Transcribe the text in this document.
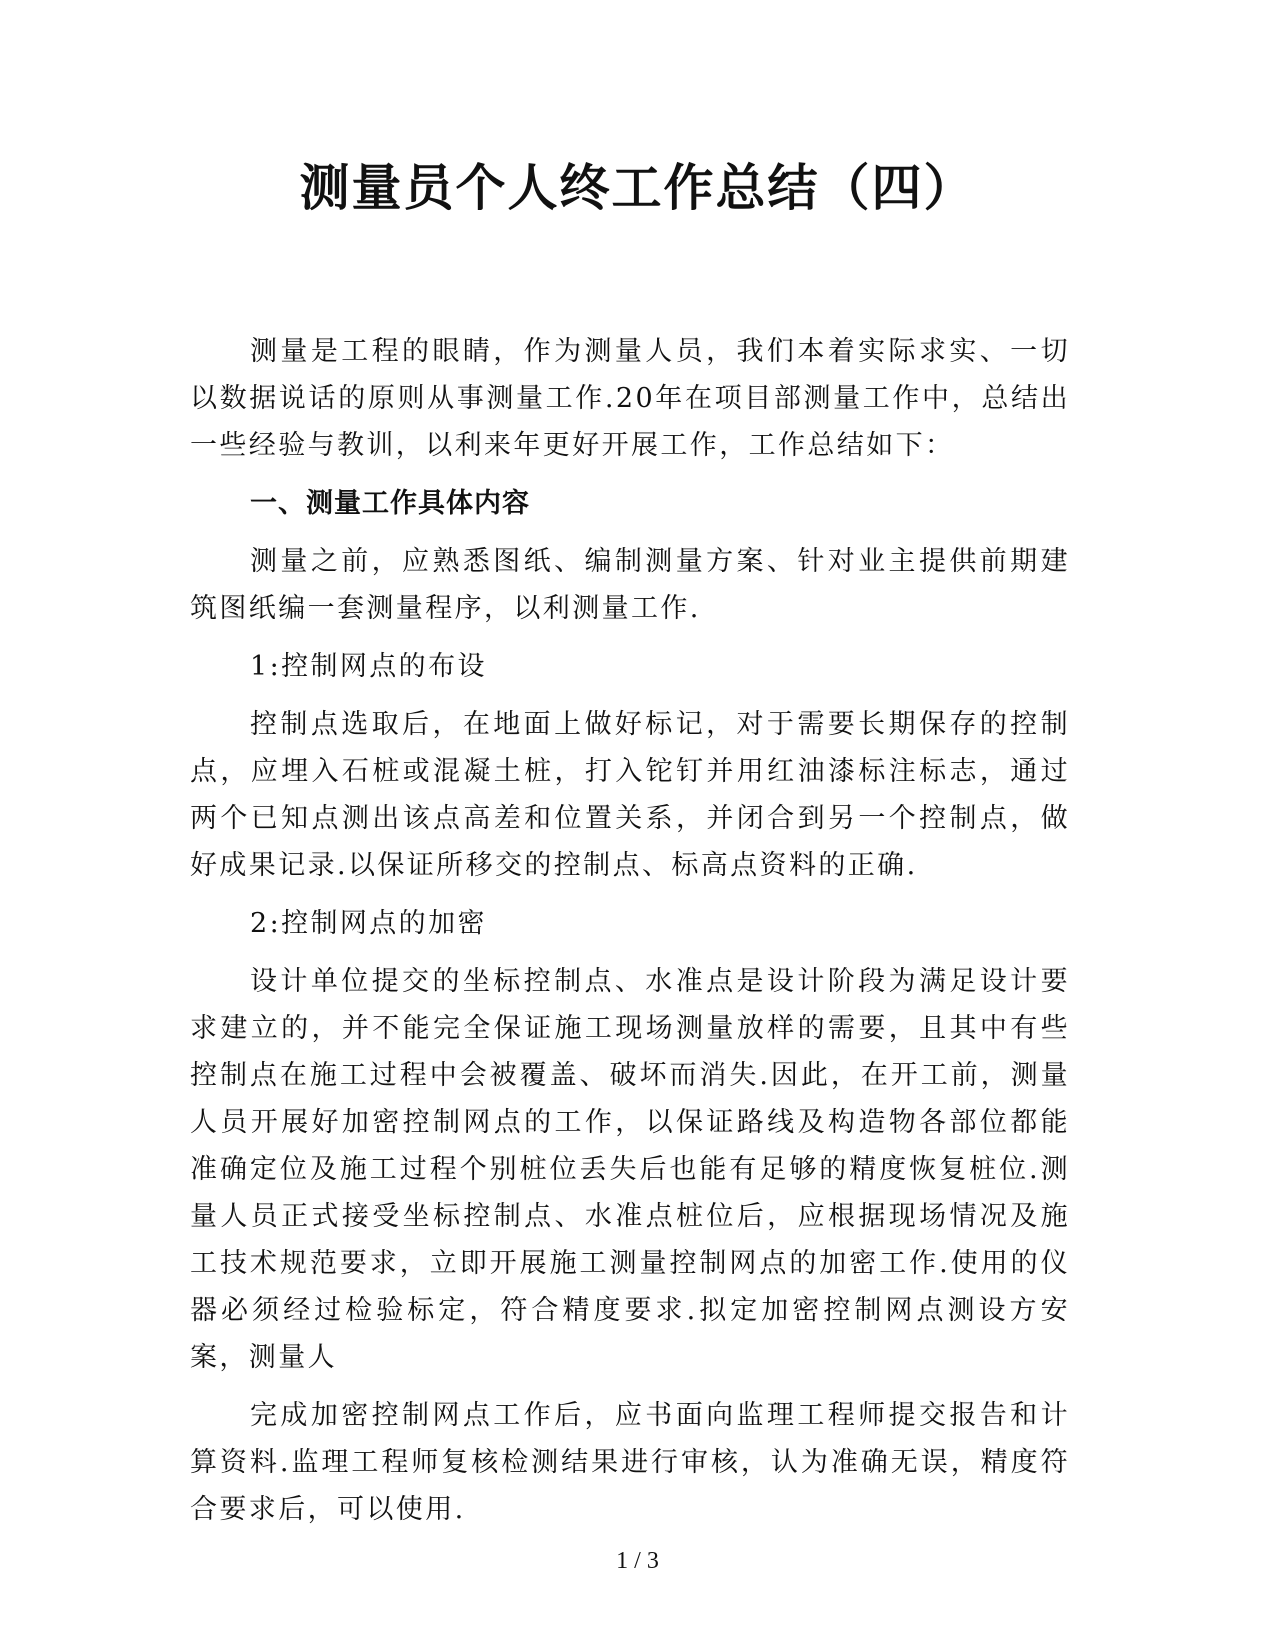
测量员个人终工作总结（四）

测量是工程的眼睛，作为测量人员，我们本着实际求实、一切以数据说话的原则从事测量工作.20年在项目部测量工作中，总结出一些经验与教训，以利来年更好开展工作，工作总结如下：

一、测量工作具体内容

测量之前，应熟悉图纸、编制测量方案、针对业主提供前期建筑图纸编一套测量程序，以利测量工作.

1:控制网点的布设

控制点选取后，在地面上做好标记，对于需要长期保存的控制点，应埋入石桩或混凝土桩，打入铊钉并用红油漆标注标志，通过两个已知点测出该点高差和位置关系，并闭合到另一个控制点，做好成果记录.以保证所移交的控制点、标高点资料的正确.

2:控制网点的加密

设计单位提交的坐标控制点、水准点是设计阶段为满足设计要求建立的，并不能完全保证施工现场测量放样的需要，且其中有些控制点在施工过程中会被覆盖、破坏而消失.因此，在开工前，测量人员开展好加密控制网点的工作，以保证路线及构造物各部位都能准确定位及施工过程个别桩位丢失后也能有足够的精度恢复桩位.测量人员正式接受坐标控制点、水准点桩位后，应根据现场情况及施工技术规范要求，立即开展施工测量控制网点的加密工作.使用的仪器必须经过检验标定，符合精度要求.拟定加密控制网点测设方安案，测量人

完成加密控制网点工作后，应书面向监理工程师提交报告和计算资料.监理工程师复核检测结果进行审核，认为准确无误，精度符合要求后，可以使用.

1 / 3
